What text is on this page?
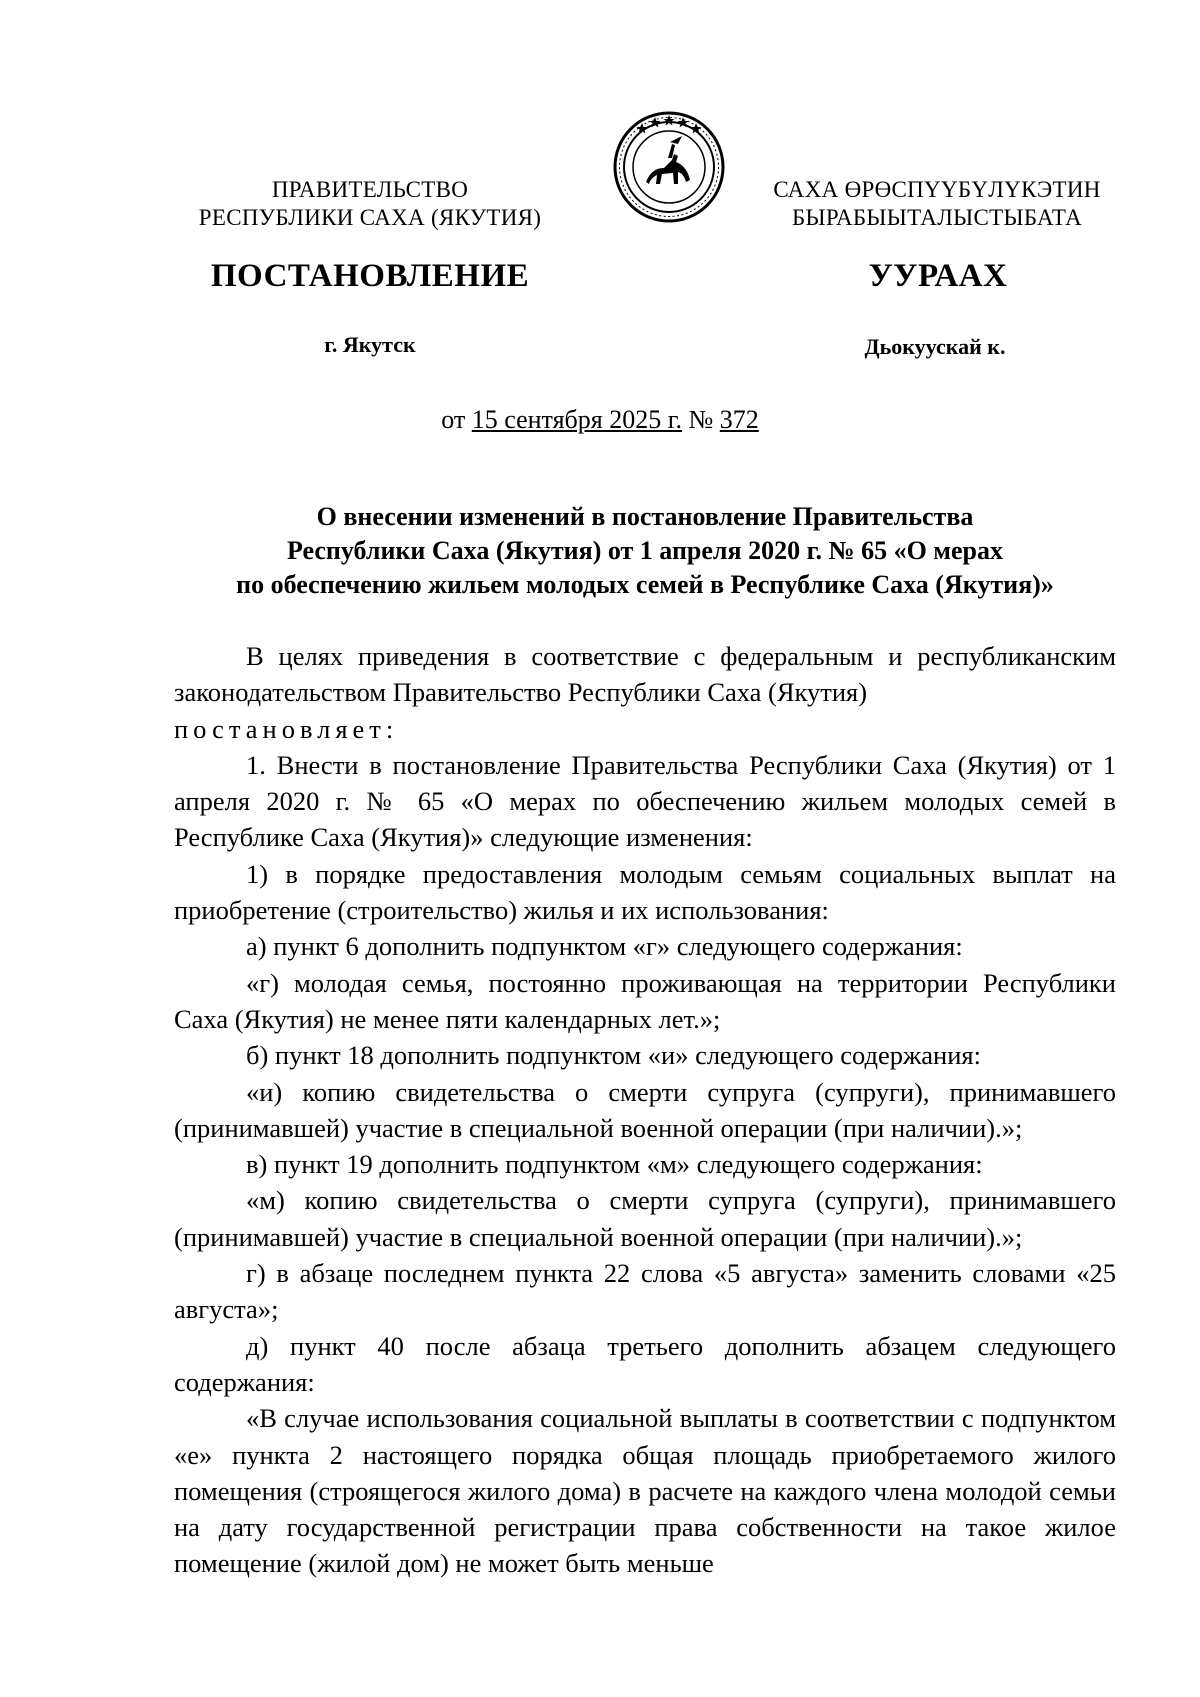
ПРАВИТЕЛЬСТВО
РЕСПУБЛИКИ САХА (ЯКУТИЯ)
САХА ӨРӨСПҮҮБҮЛҮКЭТИН
БЫРАБЫЫТАЛЫСТЫБАТА
ПОСТАНОВЛЕНИЕ	УУРААХ
г. Якутск	Дьокуускай к.
от 15 сентября 2025 г. № 372
О внесении изменений в постановление Правительства
Республики Саха (Якутия) от 1 апреля 2020 г. № 65 «О мерах
по обеспечению жильем молодых семей в Республике Саха (Якутия)»

В целях приведения в соответствие с федеральным и республиканским законодательством Правительство Республики Саха (Якутия)

постановляет:

1. Внести в постановление Правительства Республики Саха (Якутия) от 1 апреля 2020 г. № 65 «О мерах по обеспечению жильем молодых семей в Республике Саха (Якутия)» следующие изменения:

1) в порядке предоставления молодым семьям социальных выплат на приобретение (строительство) жилья и их использования:

а) пункт 6 дополнить подпунктом «г» следующего содержания:

«г) молодая семья, постоянно проживающая на территории Республики Саха (Якутия) не менее пяти календарных лет.»;

б) пункт 18 дополнить подпунктом «и» следующего содержания:

«и) копию свидетельства о смерти супруга (супруги), принимавшего (принимавшей) участие в специальной военной операции (при наличии).»;

в) пункт 19 дополнить подпунктом «м» следующего содержания:

«м) копию свидетельства о смерти супруга (супруги), принимавшего (принимавшей) участие в специальной военной операции (при наличии).»;

г) в абзаце последнем пункта 22 слова «5 августа» заменить словами «25 августа»;

д) пункт 40 после абзаца третьего дополнить абзацем следующего содержания:

«В случае использования социальной выплаты в соответствии с подпунктом «е» пункта 2 настоящего порядка общая площадь приобретаемого жилого помещения (строящегося жилого дома) в расчете на каждого члена молодой семьи на дату государственной регистрации права собственности на такое жилое помещение (жилой дом) не может быть меньше
